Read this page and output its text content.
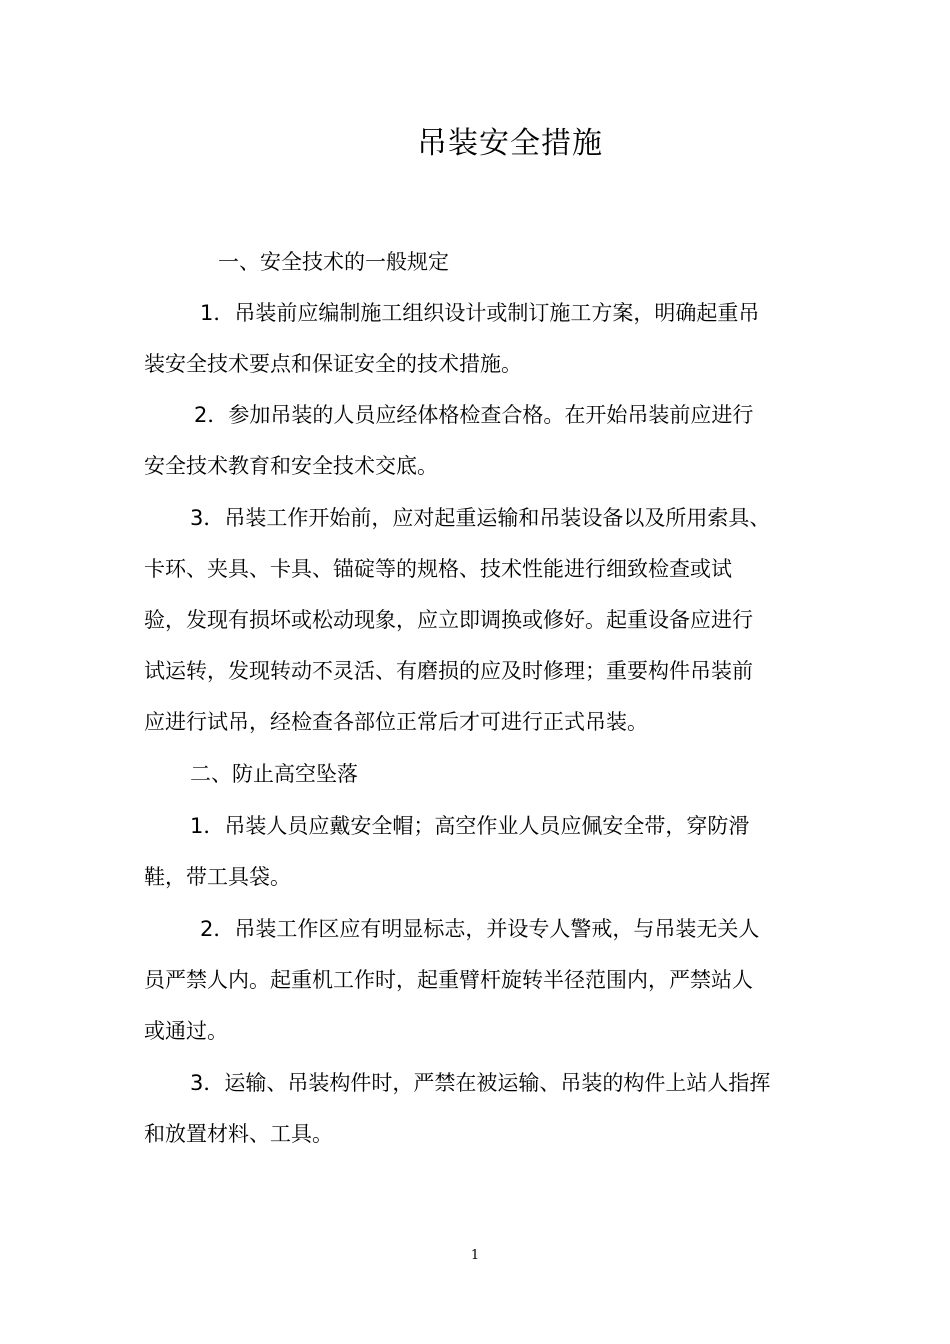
吊装安全措施
一、安全技术的一般规定
1．吊装前应编制施工组织设计或制订施工方案，明确起重吊
装安全技术要点和保证安全的技术措施。
2．参加吊装的人员应经体格检查合格。在开始吊装前应进行
安全技术教育和安全技术交底。
3．吊装工作开始前，应对起重运输和吊装设备以及所用索具、
卡环、夹具、卡具、锚碇等的规格、技术性能进行细致检查或试
验，发现有损坏或松动现象，应立即调换或修好。起重设备应进行
试运转，发现转动不灵活、有磨损的应及时修理；重要构件吊装前
应进行试吊，经检查各部位正常后才可进行正式吊装。
二、防止高空坠落
1．吊装人员应戴安全帽；高空作业人员应佩安全带，穿防滑
鞋，带工具袋。
2．吊装工作区应有明显标志，并设专人警戒，与吊装无关人
员严禁人内。起重机工作时，起重臂杆旋转半径范围内，严禁站人
或通过。
3．运输、吊装构件时，严禁在被运输、吊装的构件上站人指挥
和放置材料、工具。
1
